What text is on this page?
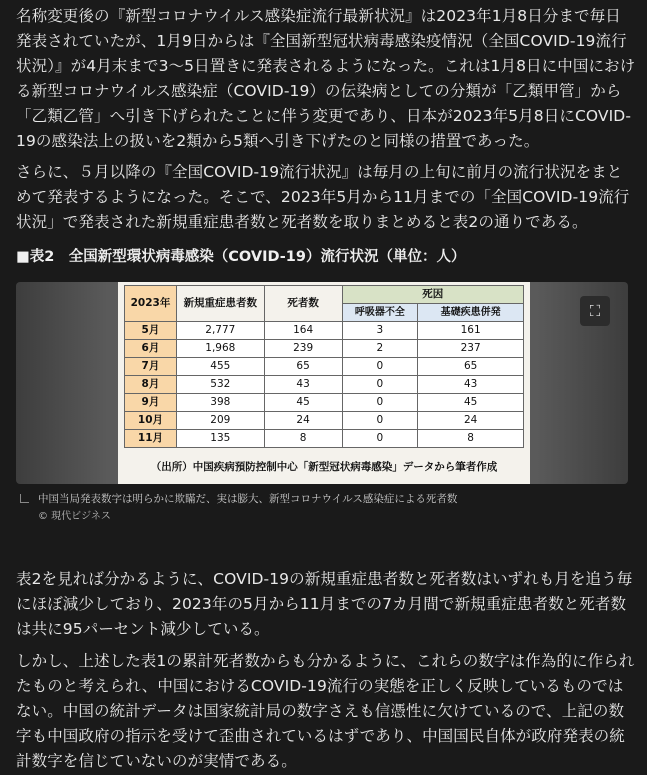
名称変更後の『新型コロナウイルス感染症流行最新状況』は2023年1月8日分まで毎日発表されていたが、1月9日からは『全国新型冠状病毒感染疫情況（全国COVID-19流行状況）』が4月末まで3〜5日置きに発表されるようになった。これは1月8日に中国における新型コロナウイルス感染症（COVID-19）の伝染病としての分類が「乙類甲管」から「乙類乙管」へ引き下げられたことに伴う変更であり、日本が2023年5月8日にCOVID-19の感染法上の扱いを2類から5類へ引き下げたのと同様の措置であった。

さらに、５月以降の『全国COVID-19流行状況』は毎月の上旬に前月の流行状況をまとめて発表するようになった。そこで、2023年5月から11月までの「全国COVID-19流行状況」で発表された新規重症患者数と死者数を取りまとめると表2の通りである。

■表2　全国新型環状病毒感染（COVID-19）流行状況（単位：人）

2023年	新規重症患者数	死者数	死因	
			呼吸器不全	基礎疾患併発
5月	2,777	164	3	161
6月	1,968	239	2	237
7月	455	65	0	65
8月	532	43	0	43
9月	398	45	0	45
10月	209	24	0	24
11月	135	8	0	8
（出所）中国疾病預防控制中心「新型冠状病毒感染」データから筆者作成
⛶
中国当局発表数字は明らかに欺瞞だ、実は膨大、新型コロナウイルス感染症による死者数
© 現代ビジネス

表2を見れば分かるように、COVID-19の新規重症患者数と死者数はいずれも月を追う毎にほぼ減少しており、2023年の5月から11月までの7カ月間で新規重症患者数と死者数は共に95パーセント減少している。

しかし、上述した表1の累計死者数からも分かるように、これらの数字は作為的に作られたものと考えられ、中国におけるCOVID-19流行の実態を正しく反映しているものではない。中国の統計データは国家統計局の数字さえも信憑性に欠けているので、上記の数字も中国政府の指示を受けて歪曲されているはずであり、中国国民自体が政府発表の統計数字を信じていないのが実情である。
